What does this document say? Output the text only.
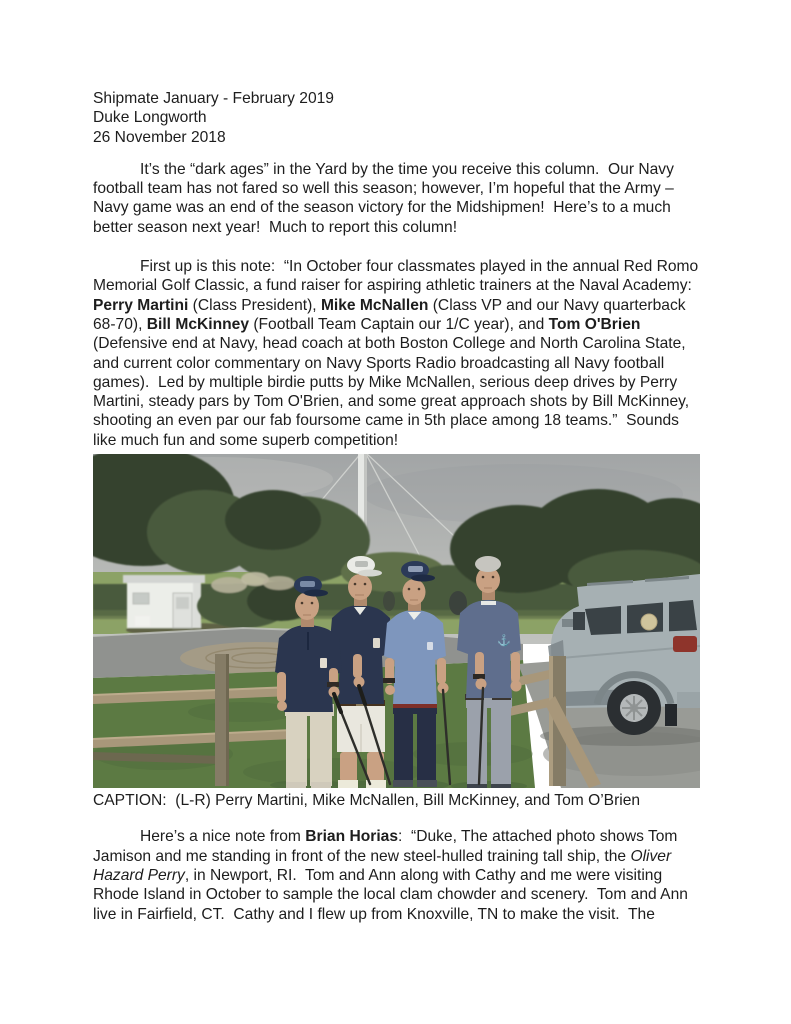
Shipmate January - February 2019
Duke Longworth
26 November 2018

It’s the “dark ages” in the Yard by the time you receive this column.  Our Navy football team has not fared so well this season; however, I’m hopeful that the Army – Navy game was an end of the season victory for the Midshipmen!  Here’s to a much better season next year!  Much to report this column!

First up is this note:  “In October four classmates played in the annual Red Romo Memorial Golf Classic, a fund raiser for aspiring athletic trainers at the Naval Academy: Perry Martini (Class President), Mike McNallen (Class VP and our Navy quarterback 68-70), Bill McKinney (Football Team Captain our 1/C year), and Tom O'Brien (Defensive end at Navy, head coach at both Boston College and North Carolina State, and current color commentary on Navy Sports Radio broadcasting all Navy football games).  Led by multiple birdie putts by Mike McNallen, serious deep drives by Perry Martini, steady pars by Tom O'Brien, and some great approach shots by Bill McKinney, shooting an even par our fab foursome came in 5th place among 18 teams.”  Sounds like much fun and some superb competition!

⚓
CAPTION:  (L-R) Perry Martini, Mike McNallen, Bill McKinney, and Tom O’Brien

Here’s a nice note from Brian Horias:  “Duke, The attached photo shows Tom Jamison and me standing in front of the new steel-hulled training tall ship, the Oliver Hazard Perry, in Newport, RI.  Tom and Ann along with Cathy and me were visiting Rhode Island in October to sample the local clam chowder and scenery.  Tom and Ann live in Fairfield, CT.  Cathy and I flew up from Knoxville, TN to make the visit.  The
